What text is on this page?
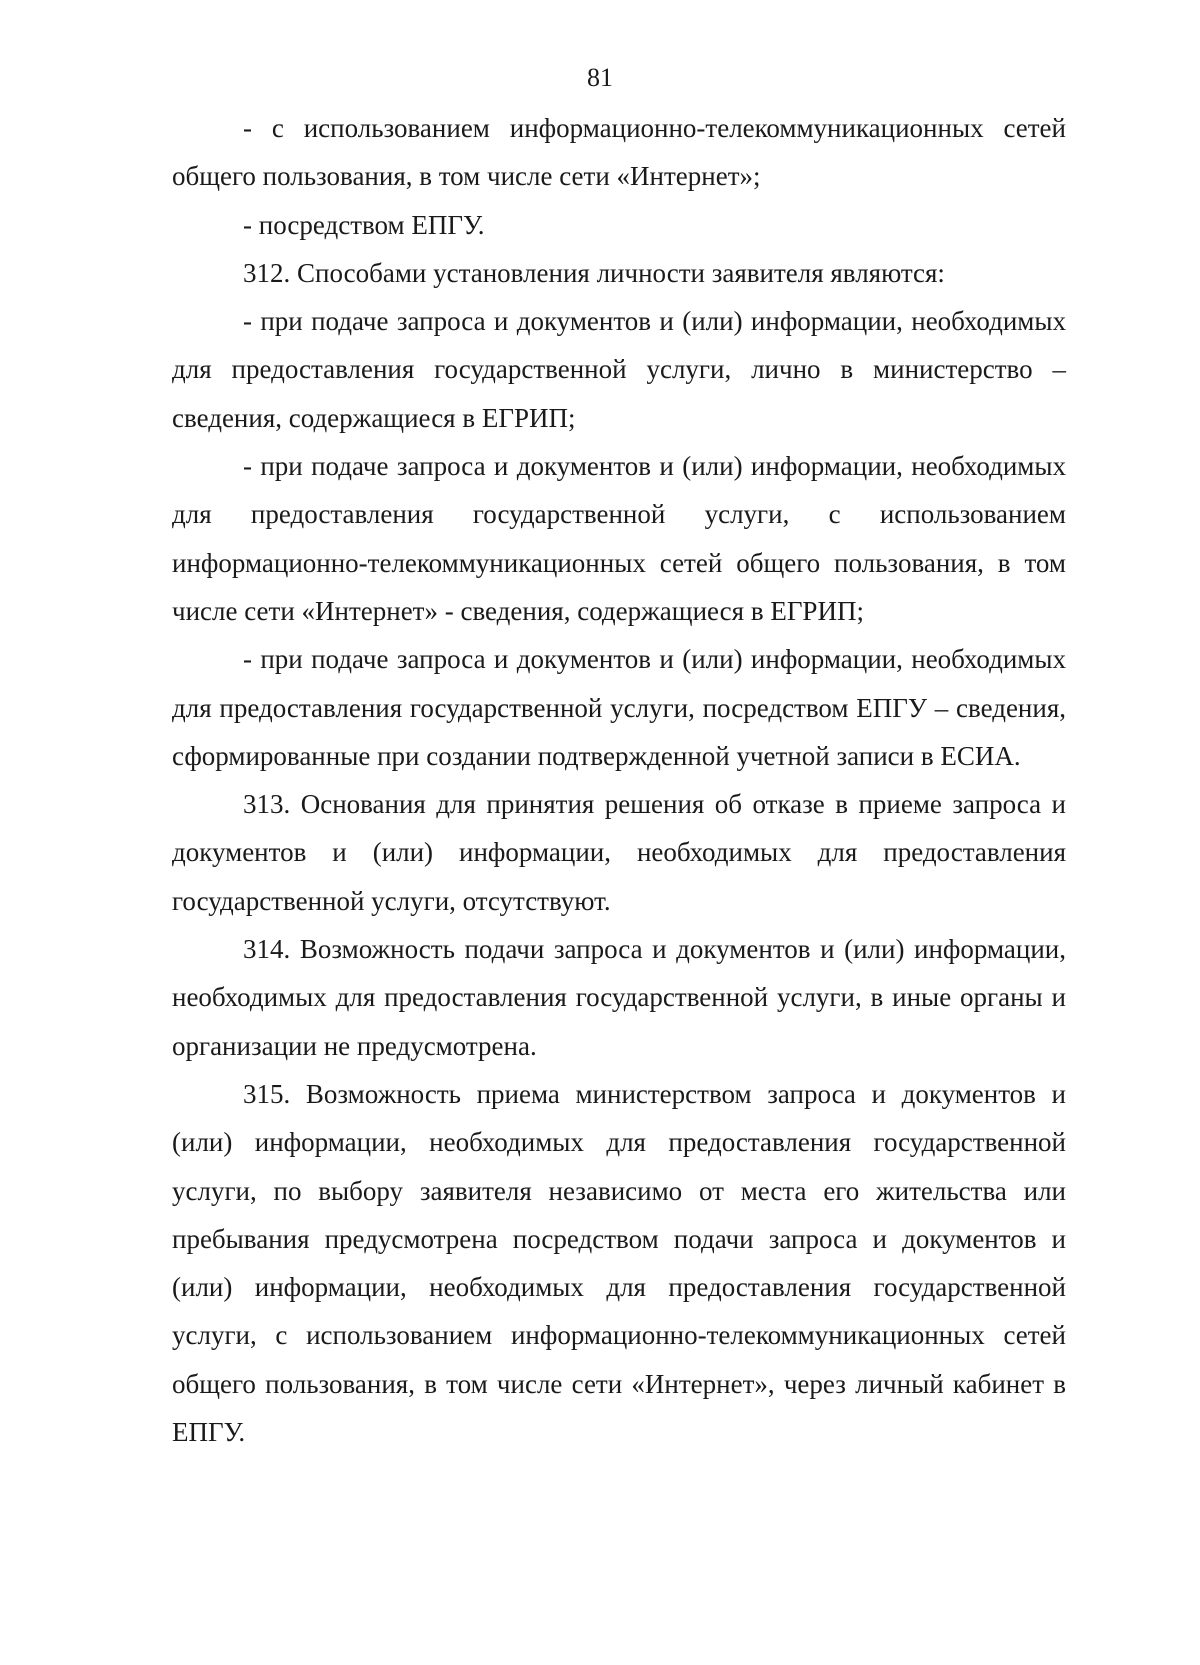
81

- с использованием информационно-телекоммуникационных сетей общего пользования, в том числе сети «Интернет»;

- посредством ЕПГУ.

312. Способами установления личности заявителя являются:

- при подаче запроса и документов и (или) информации, необходимых для предоставления государственной услуги, лично в министерство – сведения, содержащиеся в ЕГРИП;

- при подаче запроса и документов и (или) информации, необходимых для предоставления государственной услуги, с использованием информационно-телекоммуникационных сетей общего пользования, в том числе сети «Интернет» - сведения, содержащиеся в ЕГРИП;

- при подаче запроса и документов и (или) информации, необходимых для предоставления государственной услуги, посредством ЕПГУ – сведения, сформированные при создании подтвержденной учетной записи в ЕСИА.

313. Основания для принятия решения об отказе в приеме запроса и документов и (или) информации, необходимых для предоставления государственной услуги, отсутствуют.

314. Возможность подачи запроса и документов и (или) информации, необходимых для предоставления государственной услуги, в иные органы и организации не предусмотрена.

315. Возможность приема министерством запроса и документов и (или) информации, необходимых для предоставления государственной услуги, по выбору заявителя независимо от места его жительства или пребывания предусмотрена посредством подачи запроса и документов и (или) информации, необходимых для предоставления государственной услуги, с использованием информационно-телекоммуникационных сетей общего пользования, в том числе сети «Интернет», через личный кабинет в ЕПГУ.
